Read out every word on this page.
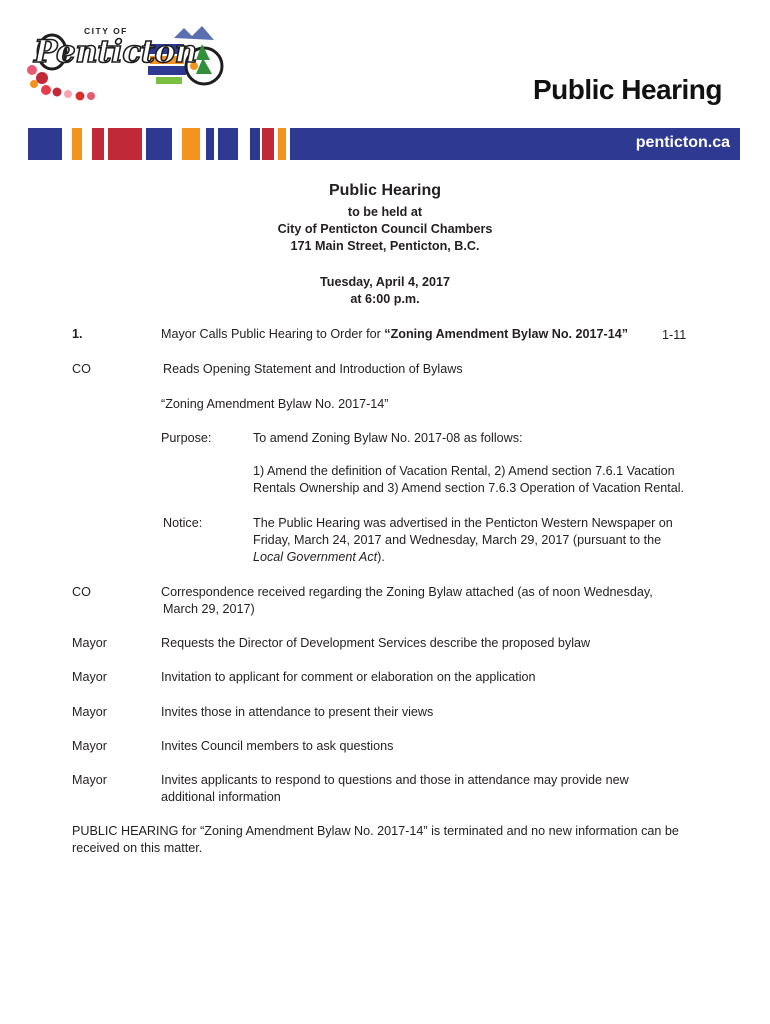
CITY OF
Penticton
Public Hearing
penticton.ca
Public Hearing
to be held at
City of Penticton Council Chambers
171 Main Street, Penticton, B.C.
Tuesday, April 4, 2017
at 6:00 p.m.
1.	Mayor Calls Public Hearing to Order for “Zoning Amendment Bylaw No. 2017-14”	1-11
CO	Reads Opening Statement and Introduction of Bylaws
“Zoning Amendment Bylaw No. 2017-14”
Purpose:	To amend Zoning Bylaw No. 2017-08 as follows:
1) Amend the definition of Vacation Rental, 2) Amend section 7.6.1 Vacation
Rentals Ownership and 3) Amend section 7.6.3 Operation of Vacation Rental.
Notice:	The Public Hearing was advertised in the Penticton Western Newspaper on
Friday, March 24, 2017 and Wednesday, March 29, 2017 (pursuant to the
Local Government Act).
CO	Correspondence received regarding the Zoning Bylaw attached (as of noon Wednesday,
March 29, 2017)
Mayor	Requests the Director of Development Services describe the proposed bylaw
Mayor	Invitation to applicant for comment or elaboration on the application
Mayor	Invites those in attendance to present their views
Mayor	Invites Council members to ask questions
Mayor	Invites applicants to respond to questions and those in attendance may provide new
additional information
PUBLIC HEARING for “Zoning Amendment Bylaw No. 2017-14” is terminated and no new information can be
received on this matter.
